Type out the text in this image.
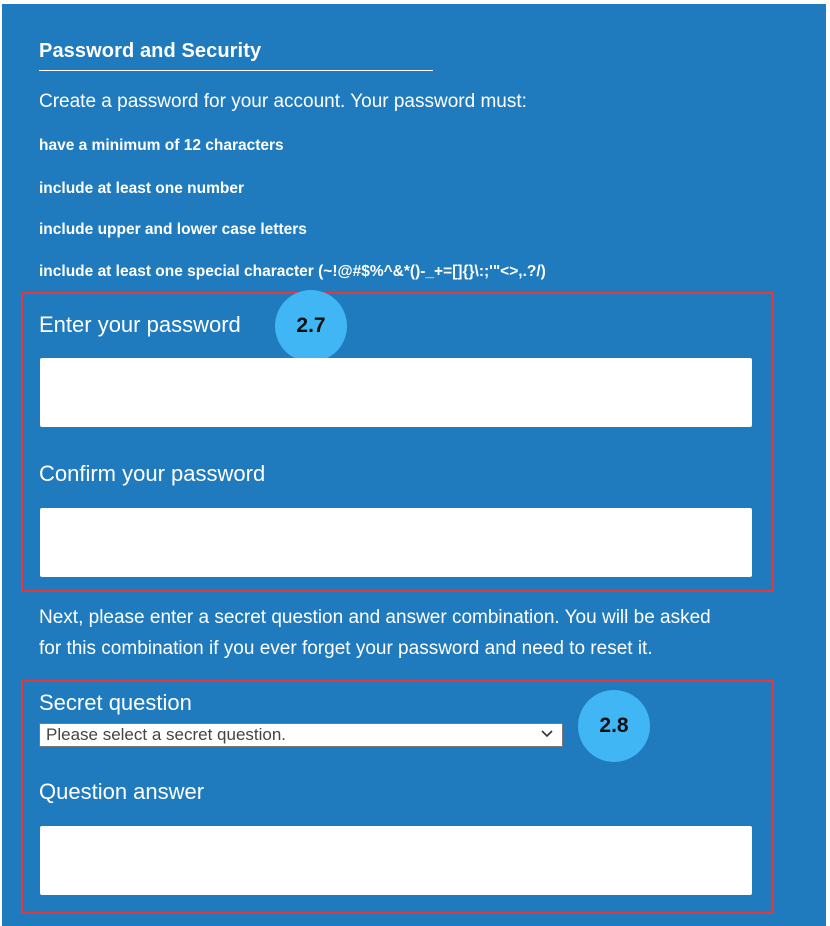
Password and Security
Create a password for your account. Your password must:
have a minimum of 12 characters
include at least one number
include upper and lower case letters
include at least one special character (~!@#$%^&*()-_+=[]{}\:;'"<>,.?/)
Enter your password	2.7
Confirm your password
Next, please enter a secret question and answer combination. You will be asked
for this combination if you ever forget your password and need to reset it.
Secret question
Please select a secret question.	2.8
Question answer
